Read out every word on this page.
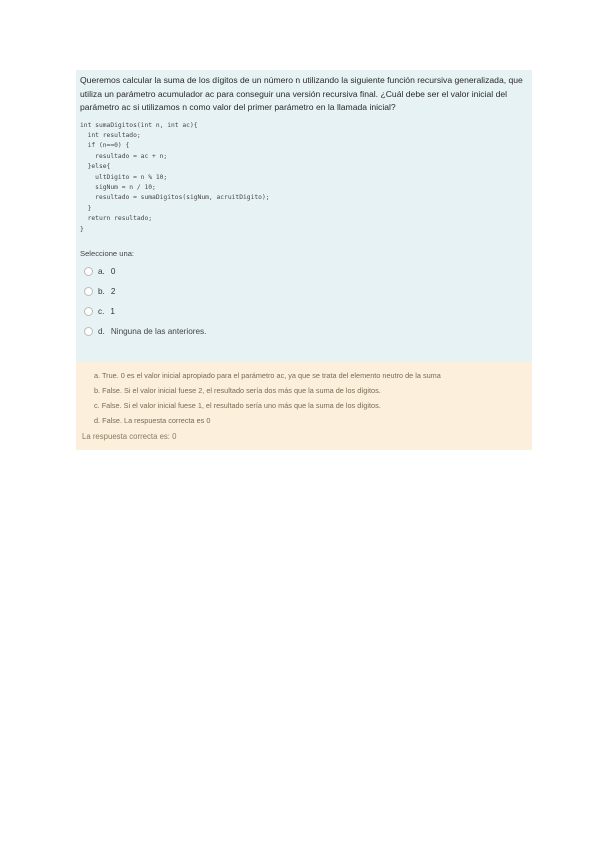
Queremos calcular la suma de los dígitos de un número n utilizando la siguiente función recursiva generalizada, que utiliza un parámetro acumulador ac para conseguir una versión recursiva final. ¿Cuál debe ser el valor inicial del parámetro ac si utilizamos n como valor del primer parámetro en la llamada inicial?

int sumaDigitos(int n, int ac){
int resultado;
if (n==0) {
resultado = ac + n;
}else{
ultDigito = n % 10;
sigNum = n / 10;
resultado = sumaDigitos(sigNum, acruitDigito);
}
return resultado;
}
Seleccione una:
a. 0
b. 2
c. 1
d. Ninguna de las anteriores.
a. True. 0 es el valor inicial apropiado para el parámetro ac, ya que se trata del elemento neutro de la suma
b. False. Si el valor inicial fuese 2, el resultado sería dos más que la suma de los dígitos.
c. False. Si el valor inicial fuese 1, el resultado sería uno más que la suma de los dígitos.
d. False. La respuesta correcta es 0
La respuesta correcta es: 0
